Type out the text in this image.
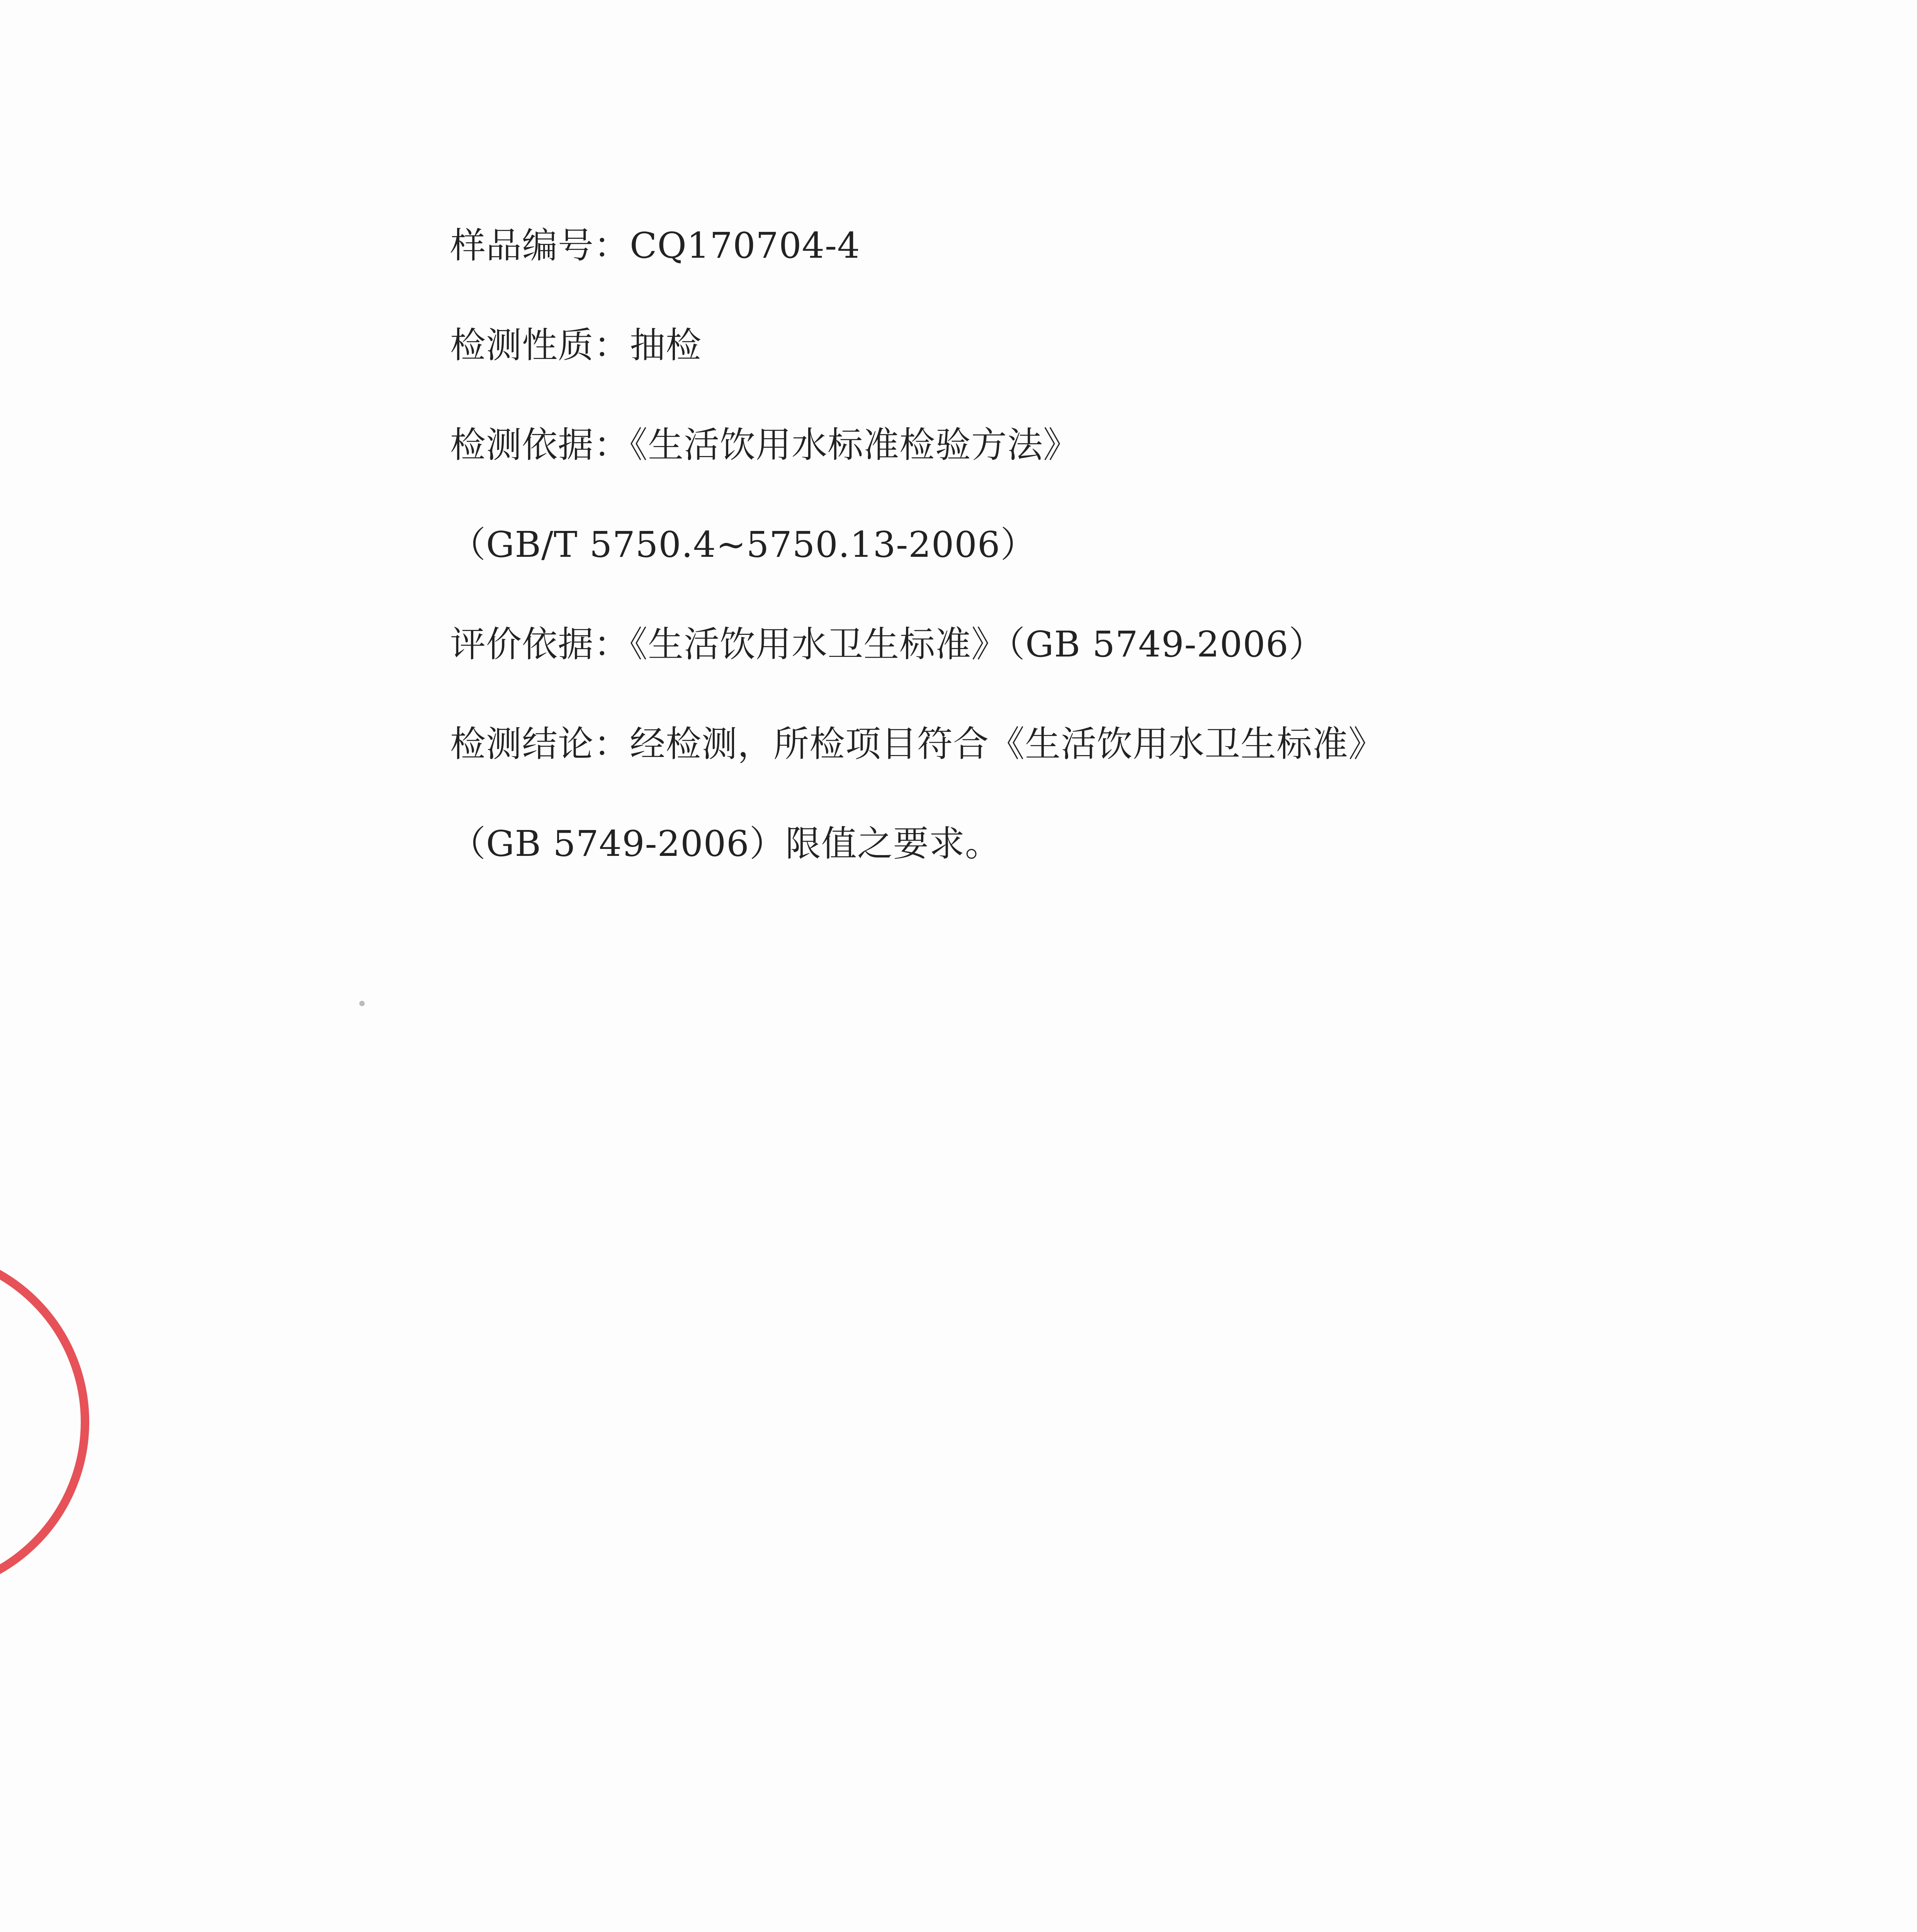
样品编号：CQ170704-4
检测性质：抽检
检测依据：《生活饮用水标准检验方法》
（GB/T 5750.4~5750.13-2006）
评价依据：《生活饮用水卫生标准》（GB 5749-2006）
检测结论：经检测，所检项目符合《生活饮用水卫生标准》
（GB 5749-2006）限值之要求。
